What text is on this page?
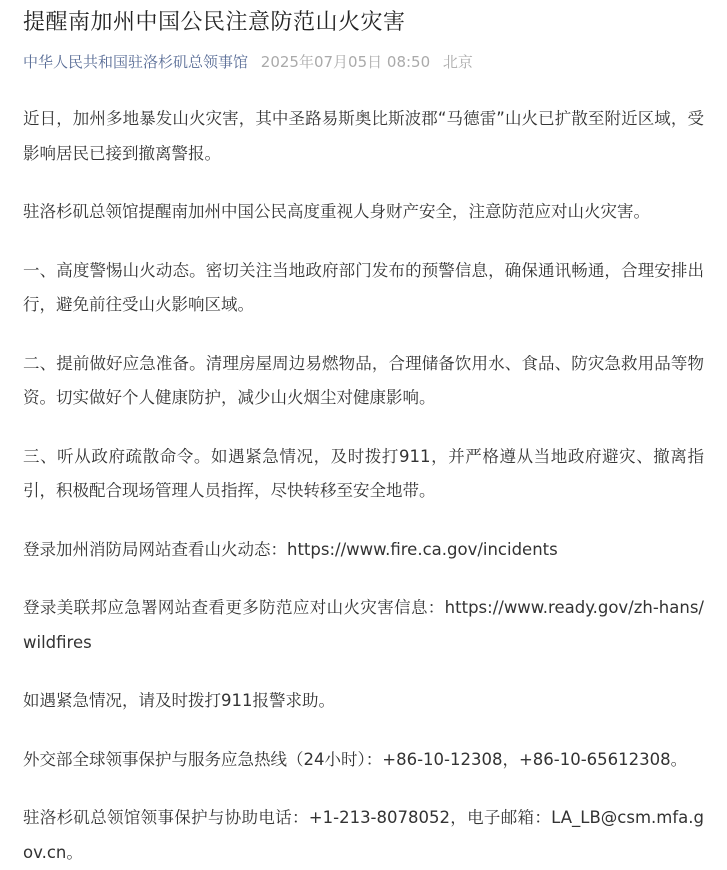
提醒南加州中国公民注意防范山火灾害
中华人民共和国驻洛杉矶总领事馆 2025年07月05日 08:50 北京

近日，加州多地暴发山火灾害，其中圣路易斯奥比斯波郡“马德雷”山火已扩散至附近区域，受影响居民已接到撤离警报。

驻洛杉矶总领馆提醒南加州中国公民高度重视人身财产安全，注意防范应对山火灾害。

一、高度警惕山火动态。密切关注当地政府部门发布的预警信息，确保通讯畅通，合理安排出行，避免前往受山火影响区域。

二、提前做好应急准备。清理房屋周边易燃物品，合理储备饮用水、食品、防灾急救用品等物资。切实做好个人健康防护，减少山火烟尘对健康影响。

三、听从政府疏散命令。如遇紧急情况，及时拨打911，并严格遵从当地政府避灾、撤离指引，积极配合现场管理人员指挥，尽快转移至安全地带。

登录加州消防局网站查看山火动态：https://www.fire.ca.gov/incidents

登录美联邦应急署网站查看更多防范应对山火灾害信息：https://www.ready.gov/zh-hans/wildfires

如遇紧急情况，请及时拨打911报警求助。

外交部全球领事保护与服务应急热线（24小时）：+86-10-12308，+86-10-65612308。

驻洛杉矶总领馆领事保护与协助电话：+1-213-8078052，电子邮箱：LA_LB@csm.mfa.gov.cn。
